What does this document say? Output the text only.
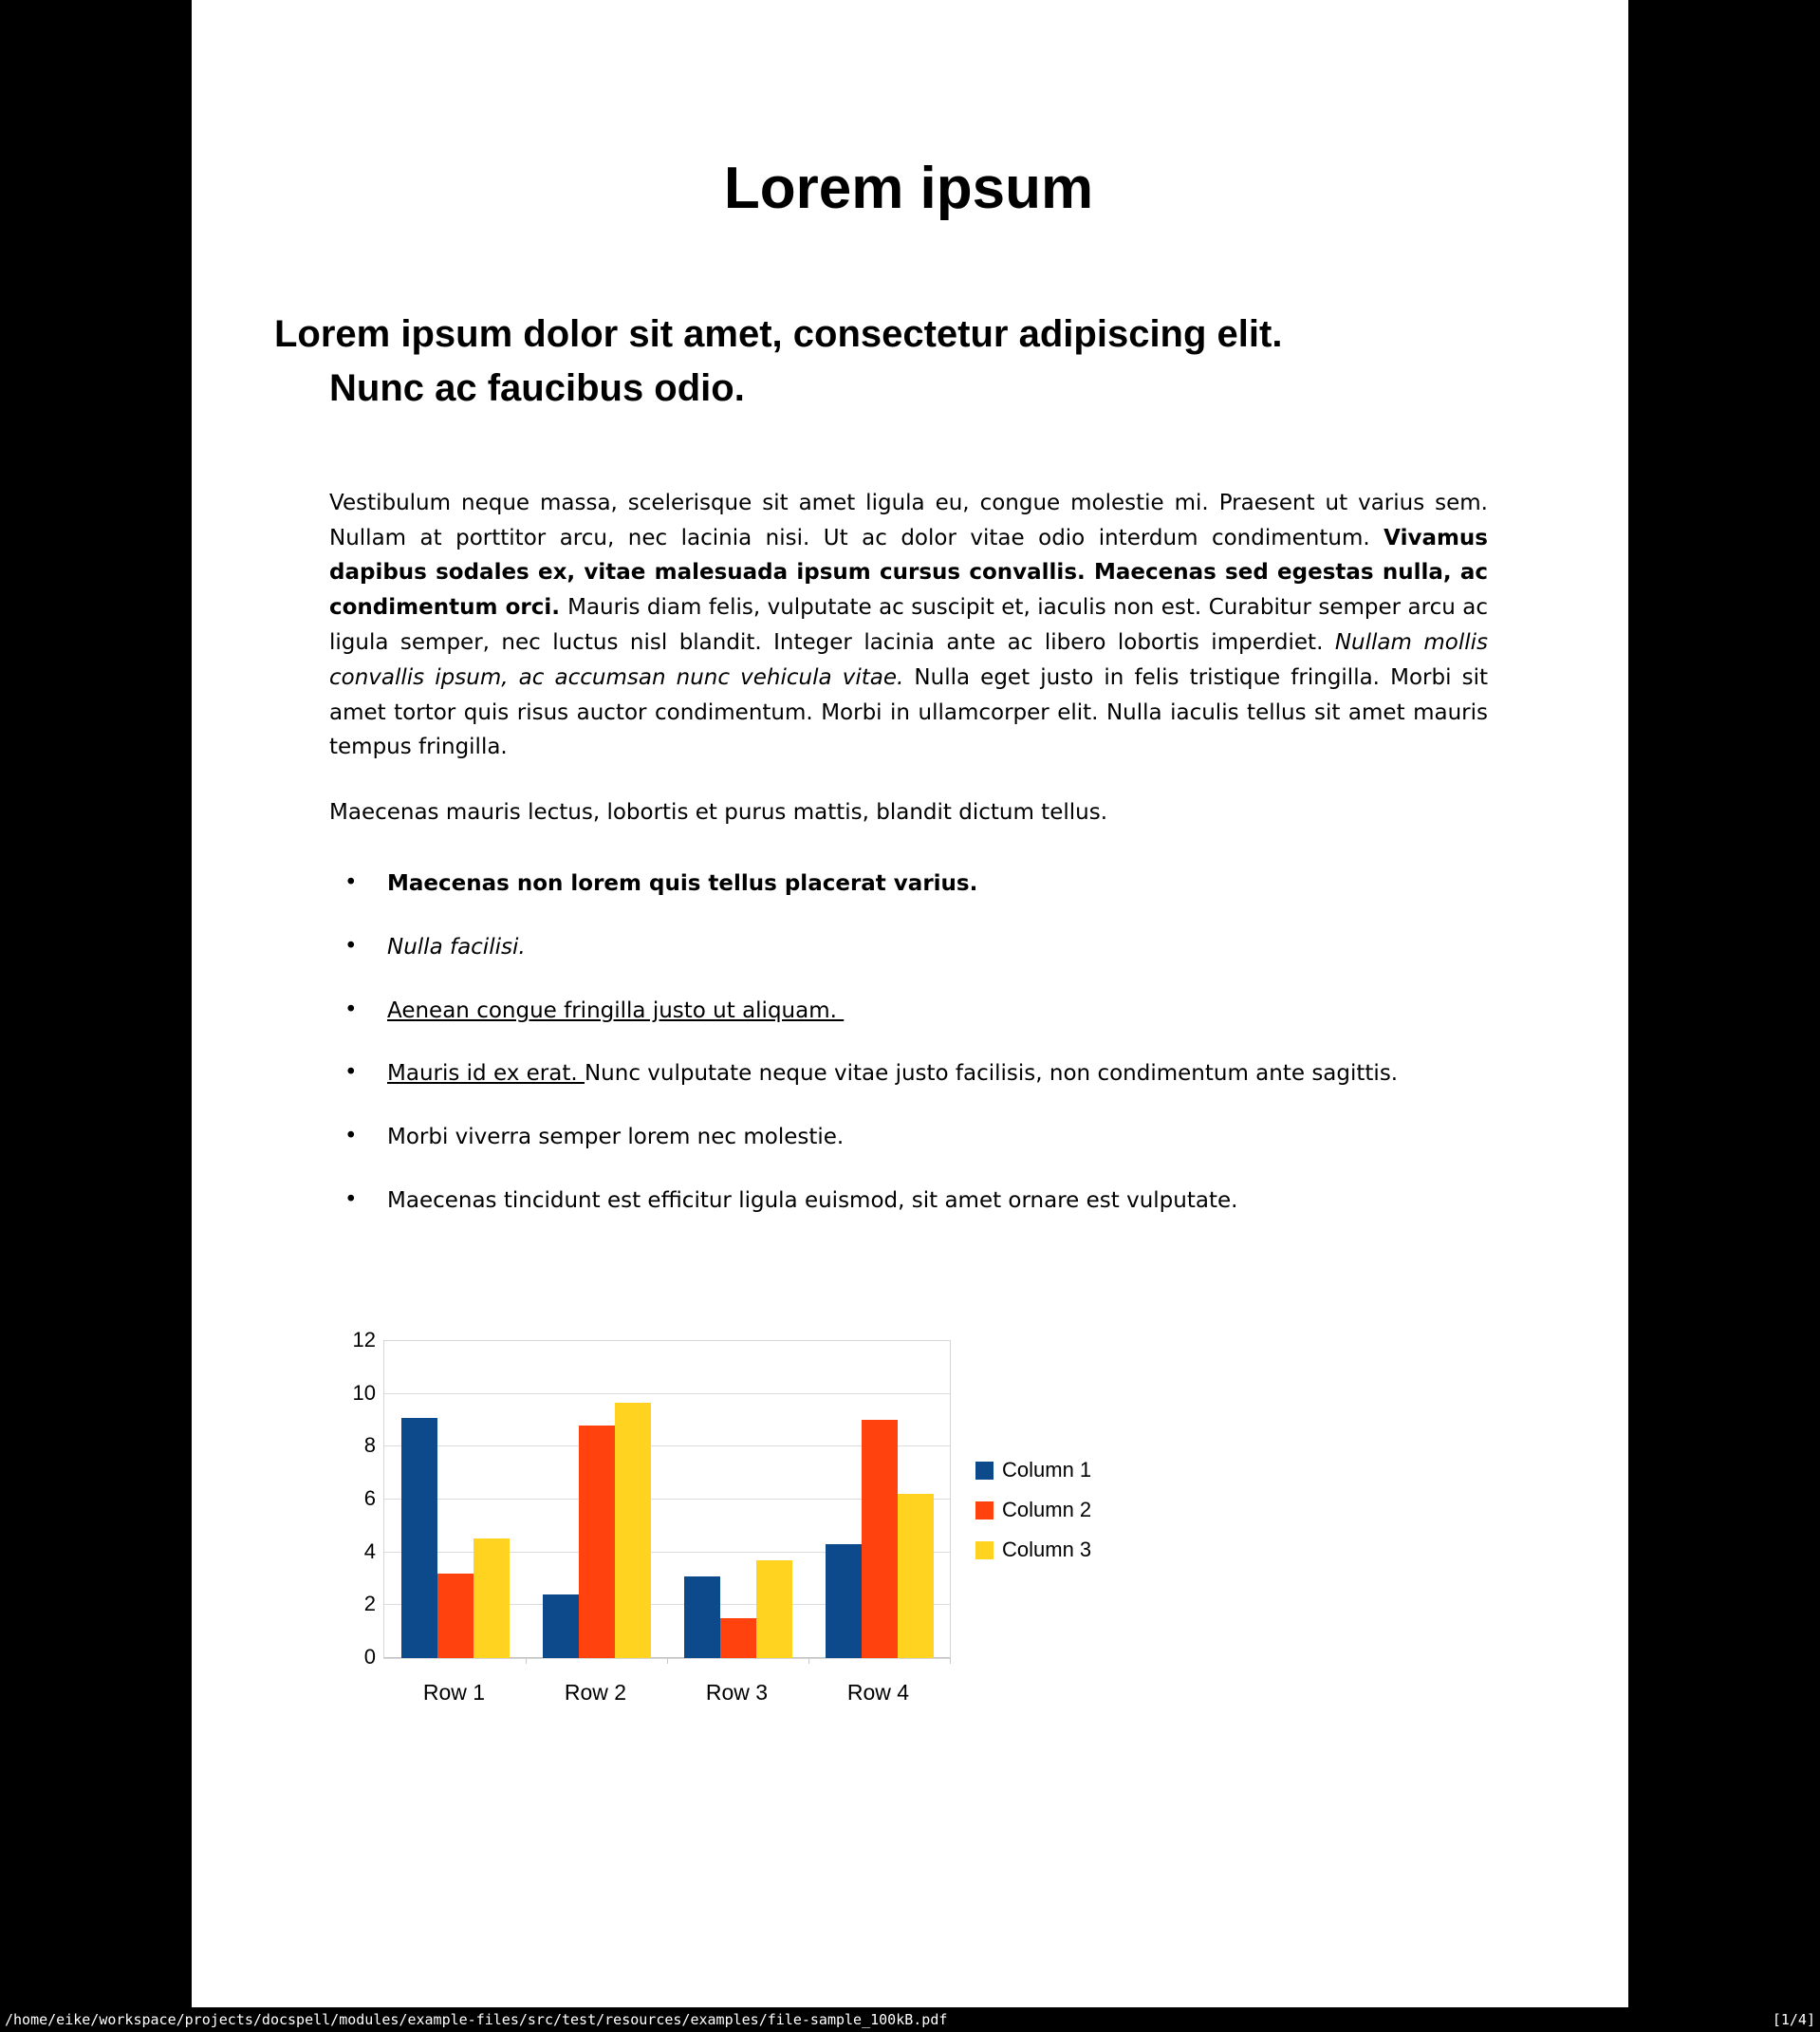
Lorem ipsum
Lorem ipsum dolor sit amet, consectetur adipiscing elit.
Nunc ac faucibus odio.
Vestibulum neque massa, scelerisque sit amet ligula eu, congue molestie mi. Praesent ut varius sem. Nullam at porttitor arcu, nec lacinia nisi. Ut ac dolor vitae odio interdum condimentum. Vivamus dapibus sodales ex, vitae malesuada ipsum cursus convallis. Maecenas sed egestas nulla, ac condimentum orci. Mauris diam felis, vulputate ac suscipit et, iaculis non est. Curabitur semper arcu ac ligula semper, nec luctus nisl blandit. Integer lacinia ante ac libero lobortis imperdiet. Nullam mollis convallis ipsum, ac accumsan nunc vehicula vitae. Nulla eget justo in felis tristique fringilla. Morbi sit amet tortor quis risus auctor condimentum. Morbi in ullamcorper elit. Nulla iaculis tellus sit amet mauris tempus fringilla.
Maecenas mauris lectus, lobortis et purus mattis, blandit dictum tellus.
• Maecenas non lorem quis tellus placerat varius.
• Nulla facilisi.
• Aenean congue fringilla justo ut aliquam.
• Mauris id ex erat. Nunc vulputate neque vitae justo facilisis, non condimentum ante sagittis.
• Morbi viverra semper lorem nec molestie.
• Maecenas tincidunt est efficitur ligula euismod, sit amet ornare est vulputate.
Column 1
Column 2
Column 3
0
2
4
6
8
10
12
Row 1	Row 2	Row 3	Row 4
/home/eike/workspace/projects/docspell/modules/example-files/src/test/resources/examples/file-sample_100kB.pdf	[1/4]
